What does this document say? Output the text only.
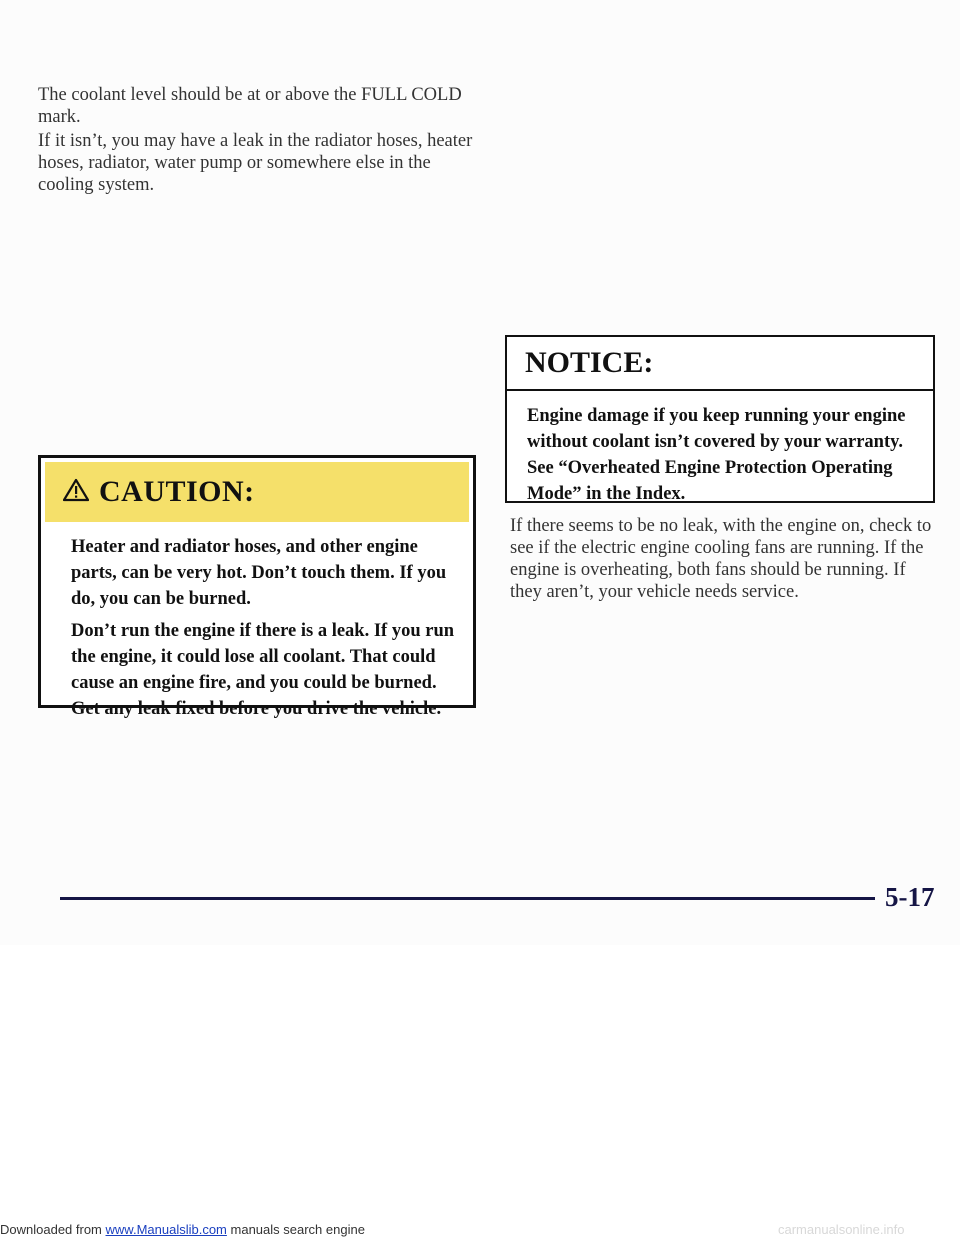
The coolant level should be at or above the FULL COLD mark.

If it isn’t, you may have a leak in the radiator hoses, heater hoses, radiator, water pump or somewhere else in the cooling system.

CAUTION:

Heater and radiator hoses, and other engine parts, can be very hot. Don’t touch them. If you do, you can be burned.

Don’t run the engine if there is a leak. If you run the engine, it could lose all coolant. That could cause an engine fire, and you could be burned. Get any leak fixed before you drive the vehicle.

NOTICE:

Engine damage if you keep running your engine without coolant isn’t covered by your warranty. See “Overheated Engine Protection Operating Mode” in the Index.

If there seems to be no leak, with the engine on, check to see if the electric engine cooling fans are running. If the engine is overheating, both fans should be running. If they aren’t, your vehicle needs service.

5-17
Downloaded from www.Manualslib.com manuals search engine	carmanualsonline.info
